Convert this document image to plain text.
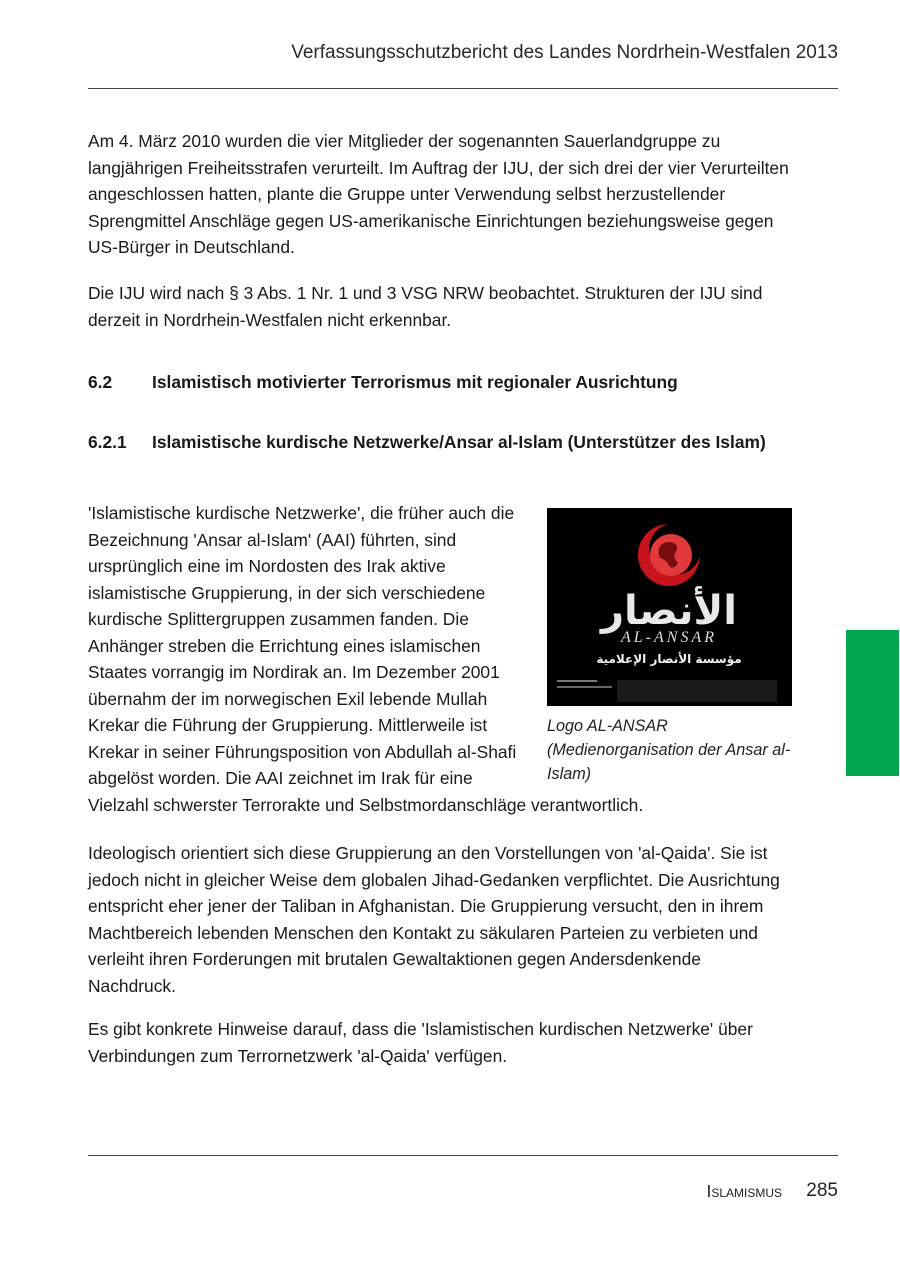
Verfassungsschutzbericht des Landes Nordrhein-Westfalen 2013
Am 4. März 2010 wurden die vier Mitglieder der sogenannten Sauerlandgruppe zu langjährigen Freiheitsstrafen verurteilt. Im Auftrag der IJU, der sich drei der vier Verurteilten angeschlossen hatten, plante die Gruppe unter Verwendung selbst herzustellender Sprengmittel Anschläge gegen US-amerikanische Einrichtungen beziehungsweise gegen US-Bürger in Deutschland.
Die IJU wird nach § 3 Abs. 1 Nr. 1 und 3 VSG NRW beobachtet. Strukturen der IJU sind derzeit in Nordrhein-Westfalen nicht erkennbar.
6.2 Islamistisch motivierter Terrorismus mit regionaler Ausrichtung
6.2.1 Islamistische kurdische Netzwerke/Ansar al-Islam (Unterstützer des Islam)
الأنصار
AL-ANSAR
مؤسسة الأنصار الإعلامية
Logo AL-ANSAR (Medienorganisation der Ansar al-Islam)
'Islamistische kurdische Netzwerke', die früher auch die Bezeichnung 'Ansar al-Islam' (AAI) führten, sind ursprünglich eine im Nordosten des Irak aktive islamistische Gruppierung, in der sich verschiedene kurdische Splittergruppen zusammen fanden. Die Anhänger streben die Errichtung eines islamischen Staates vorrangig im Nordirak an. Im Dezember 2001 übernahm der im norwegischen Exil lebende Mullah Krekar die Führung der Gruppierung. Mittlerweile ist Krekar in seiner Führungsposition von Abdullah al-Shafi abgelöst worden. Die AAI zeichnet im Irak für eine Vielzahl schwerster Terrorakte und Selbstmordanschläge verantwortlich.
Ideologisch orientiert sich diese Gruppierung an den Vorstellungen von 'al-Qaida'. Sie ist jedoch nicht in gleicher Weise dem globalen Jihad-Gedanken verpflichtet. Die Ausrichtung entspricht eher jener der Taliban in Afghanistan. Die Gruppierung versucht, den in ihrem Machtbereich lebenden Menschen den Kontakt zu säkularen Parteien zu verbieten und verleiht ihren Forderungen mit brutalen Gewaltaktionen gegen Andersdenkende Nachdruck.
Es gibt konkrete Hinweise darauf, dass die 'Islamistischen kurdischen Netzwerke' über Verbindungen zum Terrornetzwerk 'al-Qaida' verfügen.
Islamismus 285
